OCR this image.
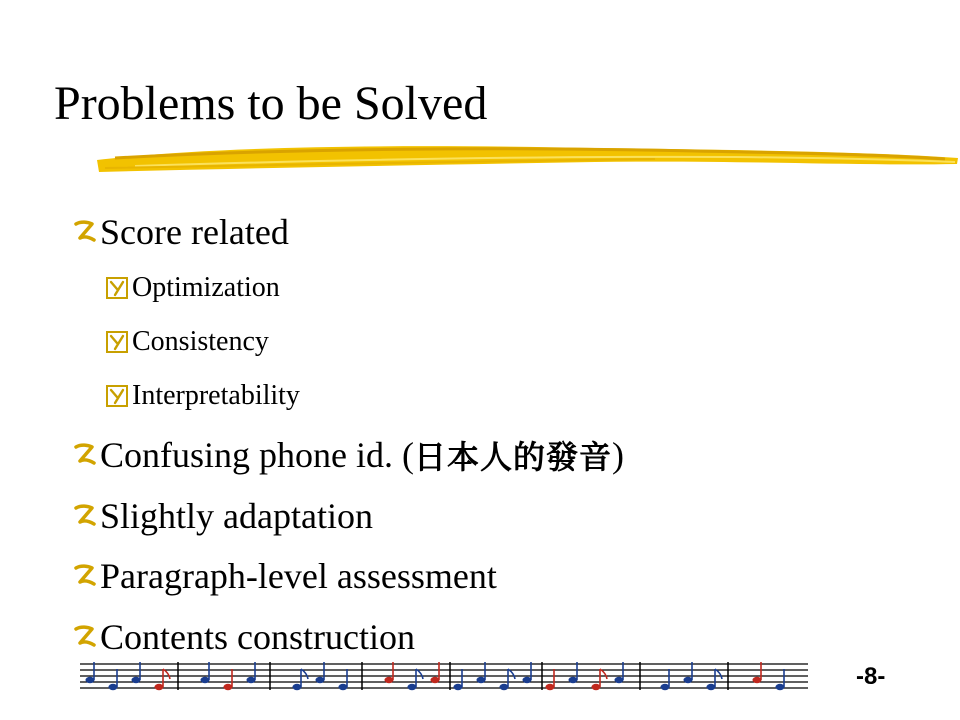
Problems to be Solved
Score related
Optimization
Consistency
Interpretability
Confusing phone id. ( 日本人的發音 )
Slightly adaptation
Paragraph-level assessment
Contents construction
-8-
